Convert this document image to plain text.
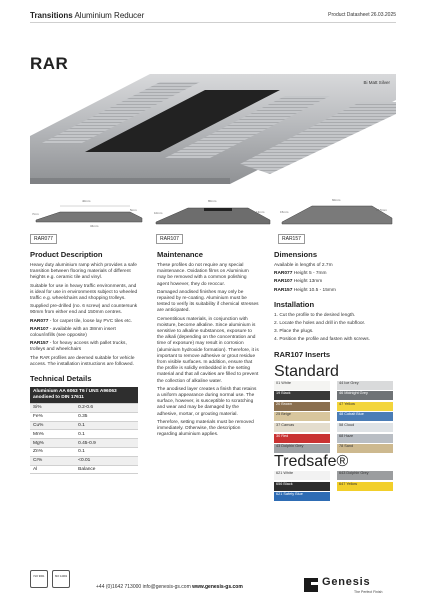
Transitions Aluminium Reducer	Product Datasheet 26.03.2025
RAR
Bi Matt Silver
40mm
7mm
5mm
34mm
80mm
10mm	13mm
60mm
15mm	10.5mm
RAR077	RAR107	RAR157
Product Description

Heavy duty aluminium ramp which provides a safe transition between flooring materials of different heights e.g. ceramic tile and vinyl.

Suitable for use in heavy traffic environments, and is ideal for use in environments subject to wheeled traffic e.g. wheelchairs and shopping trolleys.

Supplied pre-drilled (no. 6 screw) and countersunk 90mm from either end and 150mm centres.

RAR077 - for carpet tile, loose lay PVC tiles etc.

RAR107 - available with an 38mm insert colour/infills (see opposite)

RAR157 - for heavy access with pallet trucks, trolleys and wheelchairs

The RAR profiles are deemed suitable for vehicle access. The installation instructions are followed.

Technical Details
Aluminium AA 6063 T6 / UNS A96063 anodised to DIN 17611	
Si%	0.2-0.6
Fe%	0.35
Cu%	0.1
Mn%	0.1
Mg%	0.45-0.9
Zn%	0.1
Cr%	<0.01
Al	Balance
Maintenance

These profiles do not require any special maintenance. Oxidation films on Aluminium may be removed with a common polishing agent however, they do reoccur.

Damaged anodised finishes may only be repaired by re-coating. Aluminium must be tested to verify its suitability if chemical stresses are anticipated.

Cementitious materials, in conjunction with moisture, become alkaline. Since aluminium is sensitive to alkaline substances, exposure to the alkali (depending on the concentration and time of exposure) may result in corrosion (aluminium hydroxide formation). Therefore, it is important to remove adhesive or grout residue from visible surfaces. In addition, ensure that the profile is solidly embedded in the setting material and that all cavities are filled to prevent the collection of alkaline water.

The anodised layer creates a finish that retains a uniform appearance during normal use. The surface, however, is susceptible to scratching and wear and may be damaged by the adhesive, mortar, or grouting material.

Therefore, setting materials must be removed immediately. Otherwise, the description regarding aluminium applies.

Dimensions

Available in lengths of 2.7m

RAR077 Height 5 - 7mm

RAR107 Height 13mm

RAR157 Height 10.5 - 15mm

Installation
1. Cut the profile to the desired length.
2. Locate the holes and drill in the subfloor.
3. Place the plugs.
4. Position the profile and fasten with screws.
RAR107 Inserts
Standard
01 White	44 Ice Grey
19 Black	46 Midnight Grey
20 Brown	47 Yellow
25 Beige	48 Cobalt Blue
37 Canvas	58 Cloud
30 Red	68 Haze
43 Dolphin Grey	78 Sand
Tredsafe®
621 White	643 Dolphin Grey
656 Black	647 Yellow
621 Safety Blue
ISO 9001	ISO 14001
+44 (0)1642 713000 info@genesis-gs.com www.genesis-gs.com	Genesis
The Perfect Finish
